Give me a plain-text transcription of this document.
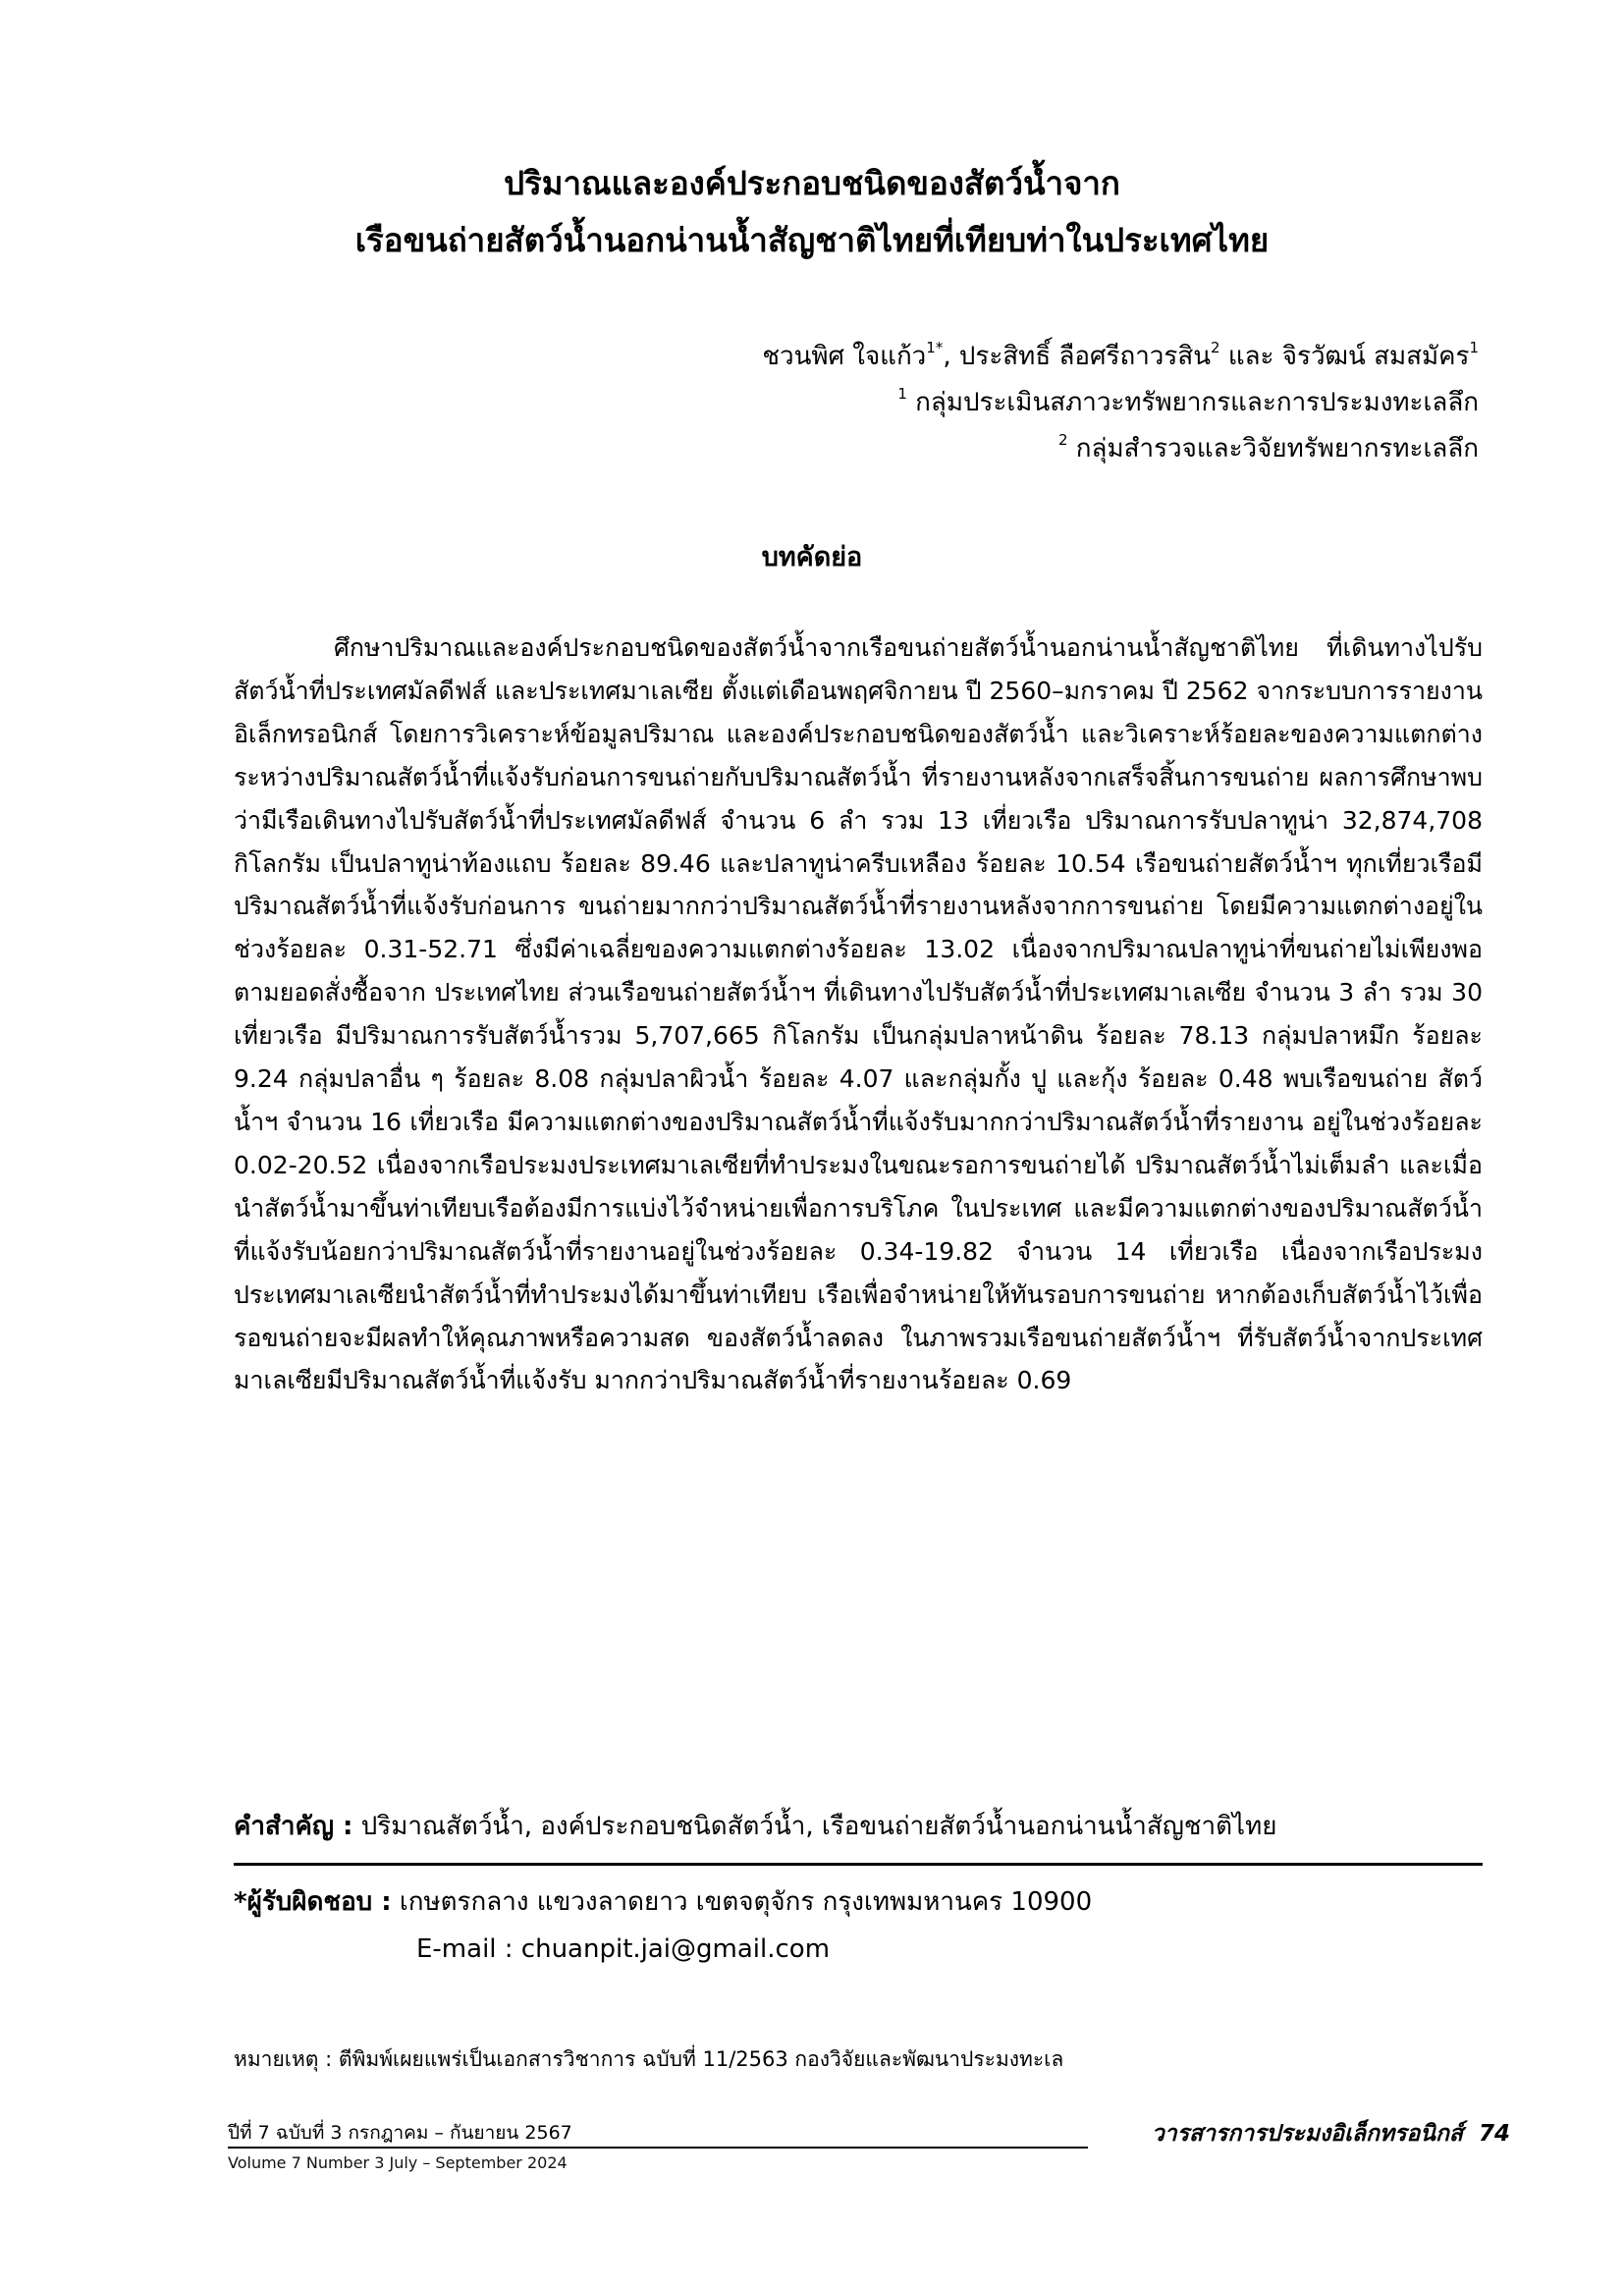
ปริมาณและองค์ประกอบชนิดของสัตว์น้ำจาก
เรือขนถ่ายสัตว์น้ำนอกน่านน้ำสัญชาติไทยที่เทียบท่าในประเทศไทย
ชวนพิศ ใจแก้ว$^{1*}$, ประสิทธิ์ ลือศรีถาวรสิน$^2$ และ จิรวัฒน์ สมสมัคร$^1$
$^1$ กลุ่มประเมินสภาวะทรัพยากรและการประมงทะเลลึก
$^2$ กลุ่มสำรวจและวิจัยทรัพยากรทะเลลึก
บทคัดย่อ
ศึกษาปริมาณและองค์ประกอบชนิดของสัตว์น้ำจากเรือขนถ่ายสัตว์น้ำนอกน่านน้ำสัญชาติไทย ที่เดินทางไปรับสัตว์น้ำที่ประเทศมัลดีฟส์ และประเทศมาเลเซีย ตั้งแต่เดือนพฤศจิกายน ปี 2560–มกราคม ปี 2562 จากระบบการรายงานอิเล็กทรอนิกส์ โดยการวิเคราะห์ข้อมูลปริมาณ และองค์ประกอบชนิดของสัตว์น้ำ และวิเคราะห์ร้อยละของความแตกต่างระหว่างปริมาณสัตว์น้ำที่แจ้งรับก่อนการขนถ่ายกับปริมาณสัตว์น้ำ ที่รายงานหลังจากเสร็จสิ้นการขนถ่าย ผลการศึกษาพบว่ามีเรือเดินทางไปรับสัตว์น้ำที่ประเทศมัลดีฟส์ จำนวน 6 ลำ รวม 13 เที่ยวเรือ ปริมาณการรับปลาทูน่า 32,874,708 กิโลกรัม เป็นปลาทูน่าท้องแถบ ร้อยละ 89.46 และปลาทูน่าครีบเหลือง ร้อยละ 10.54 เรือขนถ่ายสัตว์น้ำฯ ทุกเที่ยวเรือมีปริมาณสัตว์น้ำที่แจ้งรับก่อนการ ขนถ่ายมากกว่าปริมาณสัตว์น้ำที่รายงานหลังจากการขนถ่าย โดยมีความแตกต่างอยู่ในช่วงร้อยละ 0.31-52.71 ซึ่งมีค่าเฉลี่ยของความแตกต่างร้อยละ 13.02 เนื่องจากปริมาณปลาทูน่าที่ขนถ่ายไม่เพียงพอตามยอดสั่งซื้อจาก ประเทศไทย ส่วนเรือขนถ่ายสัตว์น้ำฯ ที่เดินทางไปรับสัตว์น้ำที่ประเทศมาเลเซีย จำนวน 3 ลำ รวม 30 เที่ยวเรือ มีปริมาณการรับสัตว์น้ำรวม 5,707,665 กิโลกรัม เป็นกลุ่มปลาหน้าดิน ร้อยละ 78.13 กลุ่มปลาหมึก ร้อยละ 9.24 กลุ่มปลาอื่น ๆ ร้อยละ 8.08 กลุ่มปลาผิวน้ำ ร้อยละ 4.07 และกลุ่มกั้ง ปู และกุ้ง ร้อยละ 0.48 พบเรือขนถ่าย สัตว์น้ำฯ จำนวน 16 เที่ยวเรือ มีความแตกต่างของปริมาณสัตว์น้ำที่แจ้งรับมากกว่าปริมาณสัตว์น้ำที่รายงาน อยู่ในช่วงร้อยละ 0.02-20.52 เนื่องจากเรือประมงประเทศมาเลเซียที่ทำประมงในขณะรอการขนถ่ายได้ ปริมาณสัตว์น้ำไม่เต็มลำ และเมื่อนำสัตว์น้ำมาขึ้นท่าเทียบเรือต้องมีการแบ่งไว้จำหน่ายเพื่อการบริโภค ในประเทศ และมีความแตกต่างของปริมาณสัตว์น้ำที่แจ้งรับน้อยกว่าปริมาณสัตว์น้ำที่รายงานอยู่ในช่วงร้อยละ 0.34-19.82 จำนวน 14 เที่ยวเรือ เนื่องจากเรือประมงประเทศมาเลเซียนำสัตว์น้ำที่ทำประมงได้มาขึ้นท่าเทียบ เรือเพื่อจำหน่ายให้ทันรอบการขนถ่าย หากต้องเก็บสัตว์น้ำไว้เพื่อรอขนถ่ายจะมีผลทำให้คุณภาพหรือความสด ของสัตว์น้ำลดลง ในภาพรวมเรือขนถ่ายสัตว์น้ำฯ ที่รับสัตว์น้ำจากประเทศมาเลเซียมีปริมาณสัตว์น้ำที่แจ้งรับ มากกว่าปริมาณสัตว์น้ำที่รายงานร้อยละ 0.69
คำสำคัญ : ปริมาณสัตว์น้ำ, องค์ประกอบชนิดสัตว์น้ำ, เรือขนถ่ายสัตว์น้ำนอกน่านน้ำสัญชาติไทย
*ผู้รับผิดชอบ : เกษตรกลาง แขวงลาดยาว เขตจตุจักร กรุงเทพมหานคร 10900
E-mail : chuanpit.jai@gmail.com
หมายเหตุ : ตีพิมพ์เผยแพร่เป็นเอกสารวิชาการ ฉบับที่ 11/2563 กองวิจัยและพัฒนาประมงทะเล
ปีที่ 7 ฉบับที่ 3 กรกฎาคม – กันยายน 2567
Volume 7 Number 3 July – September 2024
วารสารการประมงอิเล็กทรอนิกส์ 74
